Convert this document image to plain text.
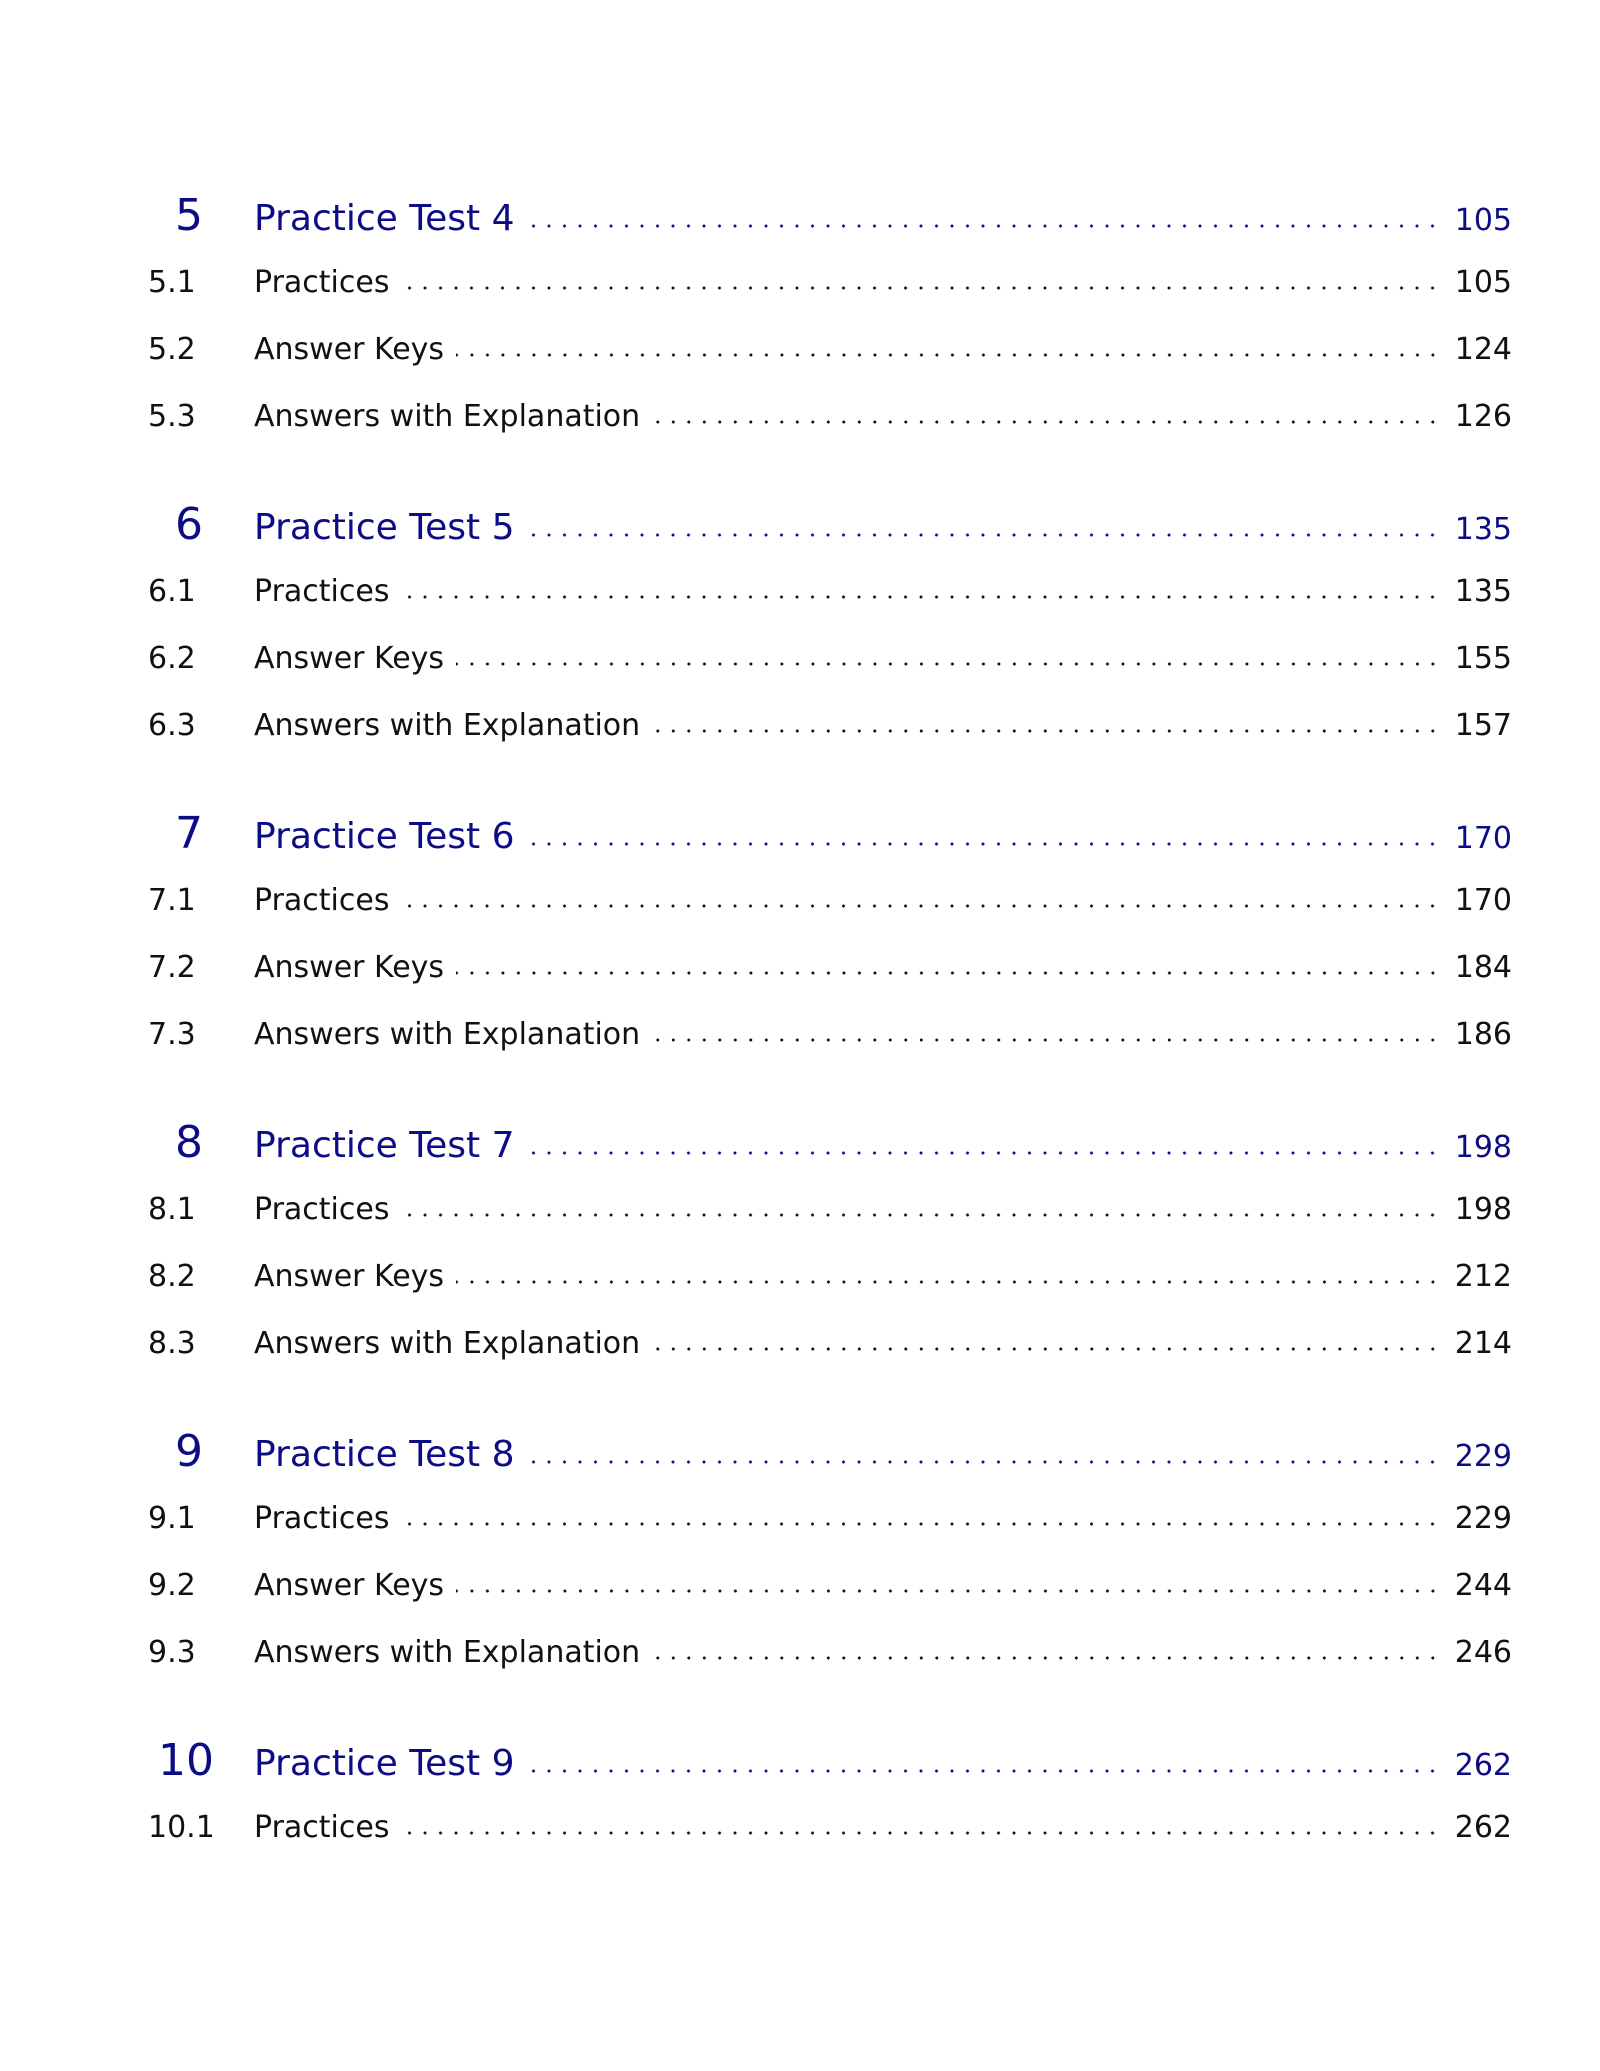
5	Practice Test 4	105
5.1	Practices	105
5.2	Answer Keys	124
5.3	Answers with Explanation	126
6	Practice Test 5	135
6.1	Practices	135
6.2	Answer Keys	155
6.3	Answers with Explanation	157
7	Practice Test 6	170
7.1	Practices	170
7.2	Answer Keys	184
7.3	Answers with Explanation	186
8	Practice Test 7	198
8.1	Practices	198
8.2	Answer Keys	212
8.3	Answers with Explanation	214
9	Practice Test 8	229
9.1	Practices	229
9.2	Answer Keys	244
9.3	Answers with Explanation	246
10	Practice Test 9	262
10.1	Practices	262
